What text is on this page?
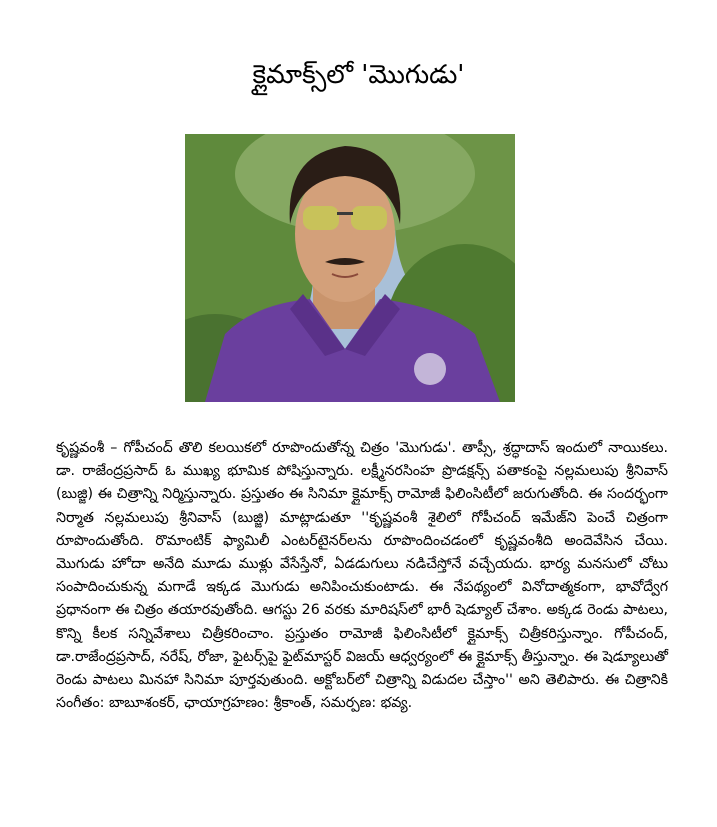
క్లైమాక్స్‌లో 'మొగుడు'
కృష్ణవంశీ – గోపీచంద్ తొలి కలయికలో రూపొందుతోన్న చిత్రం 'మొగుడు'. తాప్సీ, శ్రద్ధాదాస్ ఇందులో నాయికలు. డా. రాజేంద్రప్రసాద్ ఓ ముఖ్య భూమిక పోషిస్తున్నారు. లక్ష్మీనరసింహ ప్రొడక్షన్స్ పతాకంపై నల్లమలుపు శ్రీనివాస్ (బుజ్జి) ఈ చిత్రాన్ని నిర్మిస్తున్నారు. ప్రస్తుతం ఈ సినిమా క్లైమాక్స్ రామోజీ ఫిలింసిటీలో జరుగుతోంది. ఈ సందర్భంగా నిర్మాత నల్లమలుపు శ్రీనివాస్ (బుజ్జి) మాట్లాడుతూ ''కృష్ణవంశీ శైలిలో గోపీచంద్ ఇమేజ్‌ని పెంచే చిత్రంగా రూపొందుతోంది. రొమాంటిక్ ఫ్యామిలీ ఎంటర్‌టైనర్‌లను రూపొందించడంలో కృష్ణవంశీది అందెవేసిన చేయి. మొగుడు హోదా అనేది మూడు ముళ్లు వేసేస్తేనో, ఏడడుగులు నడిచేస్తోనే వచ్చేయదు. భార్య మనసులో చోటు సంపాదించుకున్న మగాడే ఇక్కడ మొగుడు అనిపించుకుంటాడు. ఈ నేపథ్యంలో వినోదాత్మకంగా, భావోద్వేగ ప్రధానంగా ఈ చిత్రం తయారవుతోంది. ఆగస్టు 26 వరకు మారిషస్‌లో భారీ షెడ్యూల్ చేశాం. అక్కడ రెండు పాటలు, కొన్ని కీలక సన్నివేశాలు చిత్రీకరించాం. ప్రస్తుతం రామోజీ ఫిలింసిటీలో క్లైమాక్స్ చిత్రీకరిస్తున్నాం. గోపీచంద్, డా.రాజేంద్రప్రసాద్, నరేష్, రోజా, ఫైటర్స్‌పై ఫైట్‌మాస్టర్ విజయ్ ఆధ్వర్యంలో ఈ క్లైమాక్స్ తీస్తున్నాం. ఈ షెడ్యూలుతో రెండు పాటలు మినహా సినిమా పూర్తవుతుంది. అక్టోబర్‌లో చిత్రాన్ని విడుదల చేస్తాం'' అని తెలిపారు. ఈ చిత్రానికి సంగీతం: బాబూశంకర్, ఛాయాగ్రహణం: శ్రీకాంత్, సమర్పణ: భవ్య.
